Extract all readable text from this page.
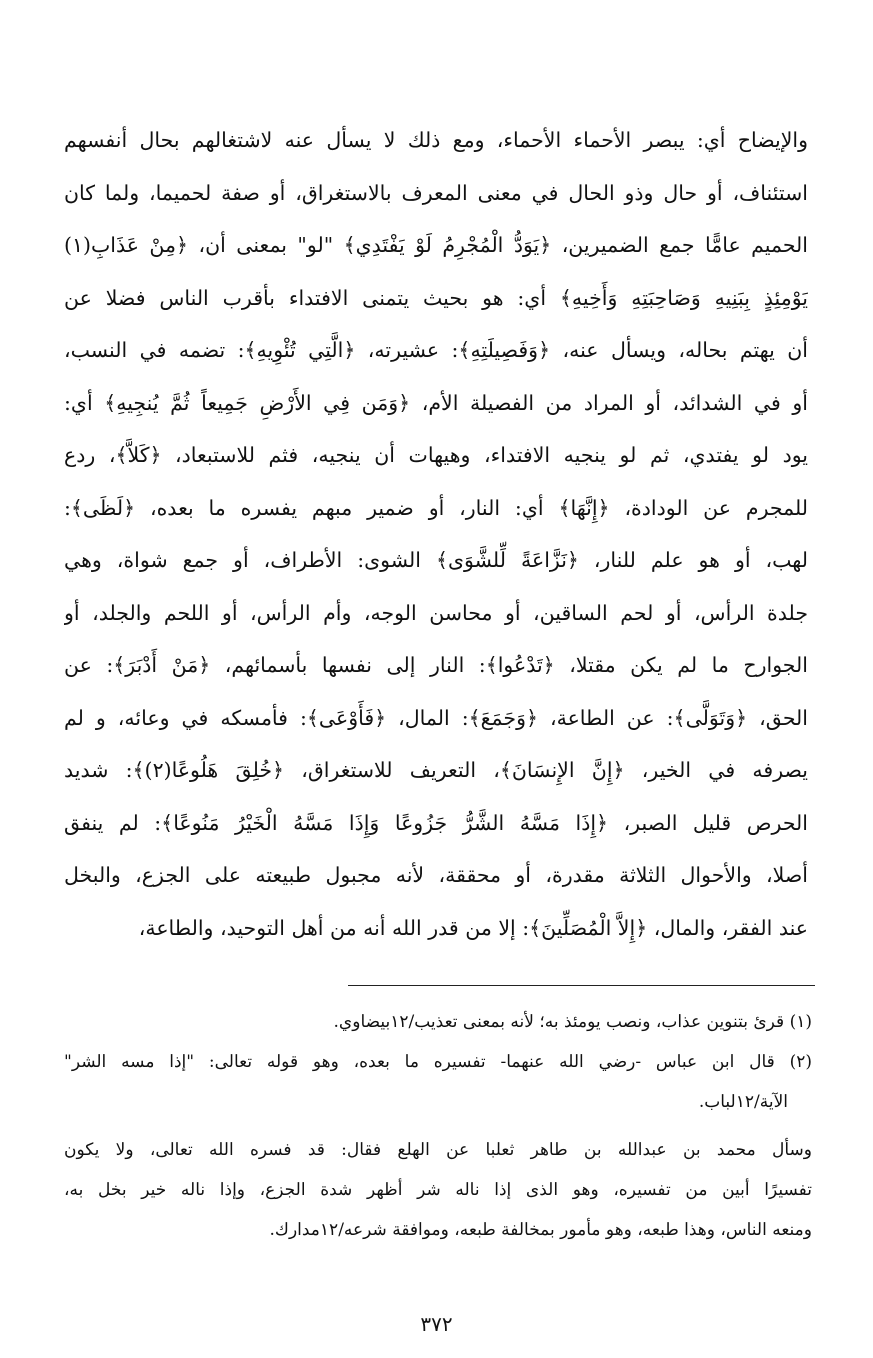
والإيضاح أي: يبصر الأحماء الأحماء، ومع ذلك لا يسأل عنه لاشتغالهم بحال أنفسهم
استئناف، أو حال وذو الحال في معنى المعرف بالاستغراق، أو صفة لحميما، ولما كان
الحميم عامًّا جمع الضميرين، ﴿يَوَدُّ الْمُجْرِمُ لَوْ يَفْتَدِي﴾ "لو" بمعنى أن، ﴿مِنْ عَذَابِ(١)
يَوْمِئِذٍ بِبَنِيهِ وَصَاحِبَتِهِ وَأَخِيهِ﴾ أي: هو بحيث يتمنى الافتداء بأقرب الناس فضلا عن
أن يهتم بحاله، ويسأل عنه، ﴿وَفَصِيلَتِهِ﴾: عشيرته، ﴿الَّتِي تُئْوِيهِ﴾: تضمه في النسب،
أو في الشدائد، أو المراد من الفصيلة الأم، ﴿وَمَن فِي الأَرْضِ جَمِيعاً ثُمَّ يُنجِيهِ﴾ أي:
يود لو يفتدي، ثم لو ينجيه الافتداء، وهيهات أن ينجيه، فثم للاستبعاد، ﴿كَلاَّ﴾، ردع
للمجرم عن الودادة، ﴿إِنَّهَا﴾ أي: النار، أو ضمير مبهم يفسره ما بعده، ﴿لَظَى﴾:
لهب، أو هو علم للنار، ﴿نَزَّاعَةً لِّلشَّوَى﴾ الشوى: الأطراف، أو جمع شواة، وهي
جلدة الرأس، أو لحم الساقين، أو محاسن الوجه، وأم الرأس، أو اللحم والجلد، أو
الجوارح ما لم يكن مقتلا، ﴿تَدْعُوا﴾: النار إلى نفسها بأسمائهم، ﴿مَنْ أَدْبَرَ﴾: عن
الحق، ﴿وَتَوَلَّى﴾: عن الطاعة، ﴿وَجَمَعَ﴾: المال، ﴿فَأَوْعَى﴾: فأمسكه في وعائه، و لم
يصرفه في الخير، ﴿إِنَّ الإِنسَانَ﴾، التعريف للاستغراق، ﴿خُلِقَ هَلُوعًا(٢)﴾: شديد
الحرص قليل الصبر، ﴿إِذَا مَسَّهُ الشَّرُّ جَزُوعًا وَإِذَا مَسَّهُ الْخَيْرُ مَنُوعًا﴾: لم ينفق
أصلا، والأحوال الثلاثة مقدرة، أو محققة، لأنه مجبول طبيعته على الجزع، والبخل
عند الفقر، والمال، ﴿إِلاَّ الْمُصَلِّينَ﴾: إلا من قدر الله أنه من أهل التوحيد، والطاعة،
(١) قرئ بتنوين عذاب، ونصب يومئذ به؛ لأنه بمعنى تعذيب/١٢بيضاوي.
(٢) قال ابن عباس -رضي الله عنهما- تفسيره ما بعده، وهو قوله تعالى: "إذا مسه الشر"
الآية/١٢لباب.
وسأل محمد بن عبدالله بن طاهر ثعلبا عن الهلع فقال: قد فسره الله تعالى، ولا يكون
تفسيرًا أبين من تفسيره، وهو الذى إذا ناله شر أظهر شدة الجزع، وإذا ناله خير بخل به،
ومنعه الناس، وهذا طبعه، وهو مأمور بمخالفة طبعه، وموافقة شرعه/١٢مدارك.
٣٧٢
